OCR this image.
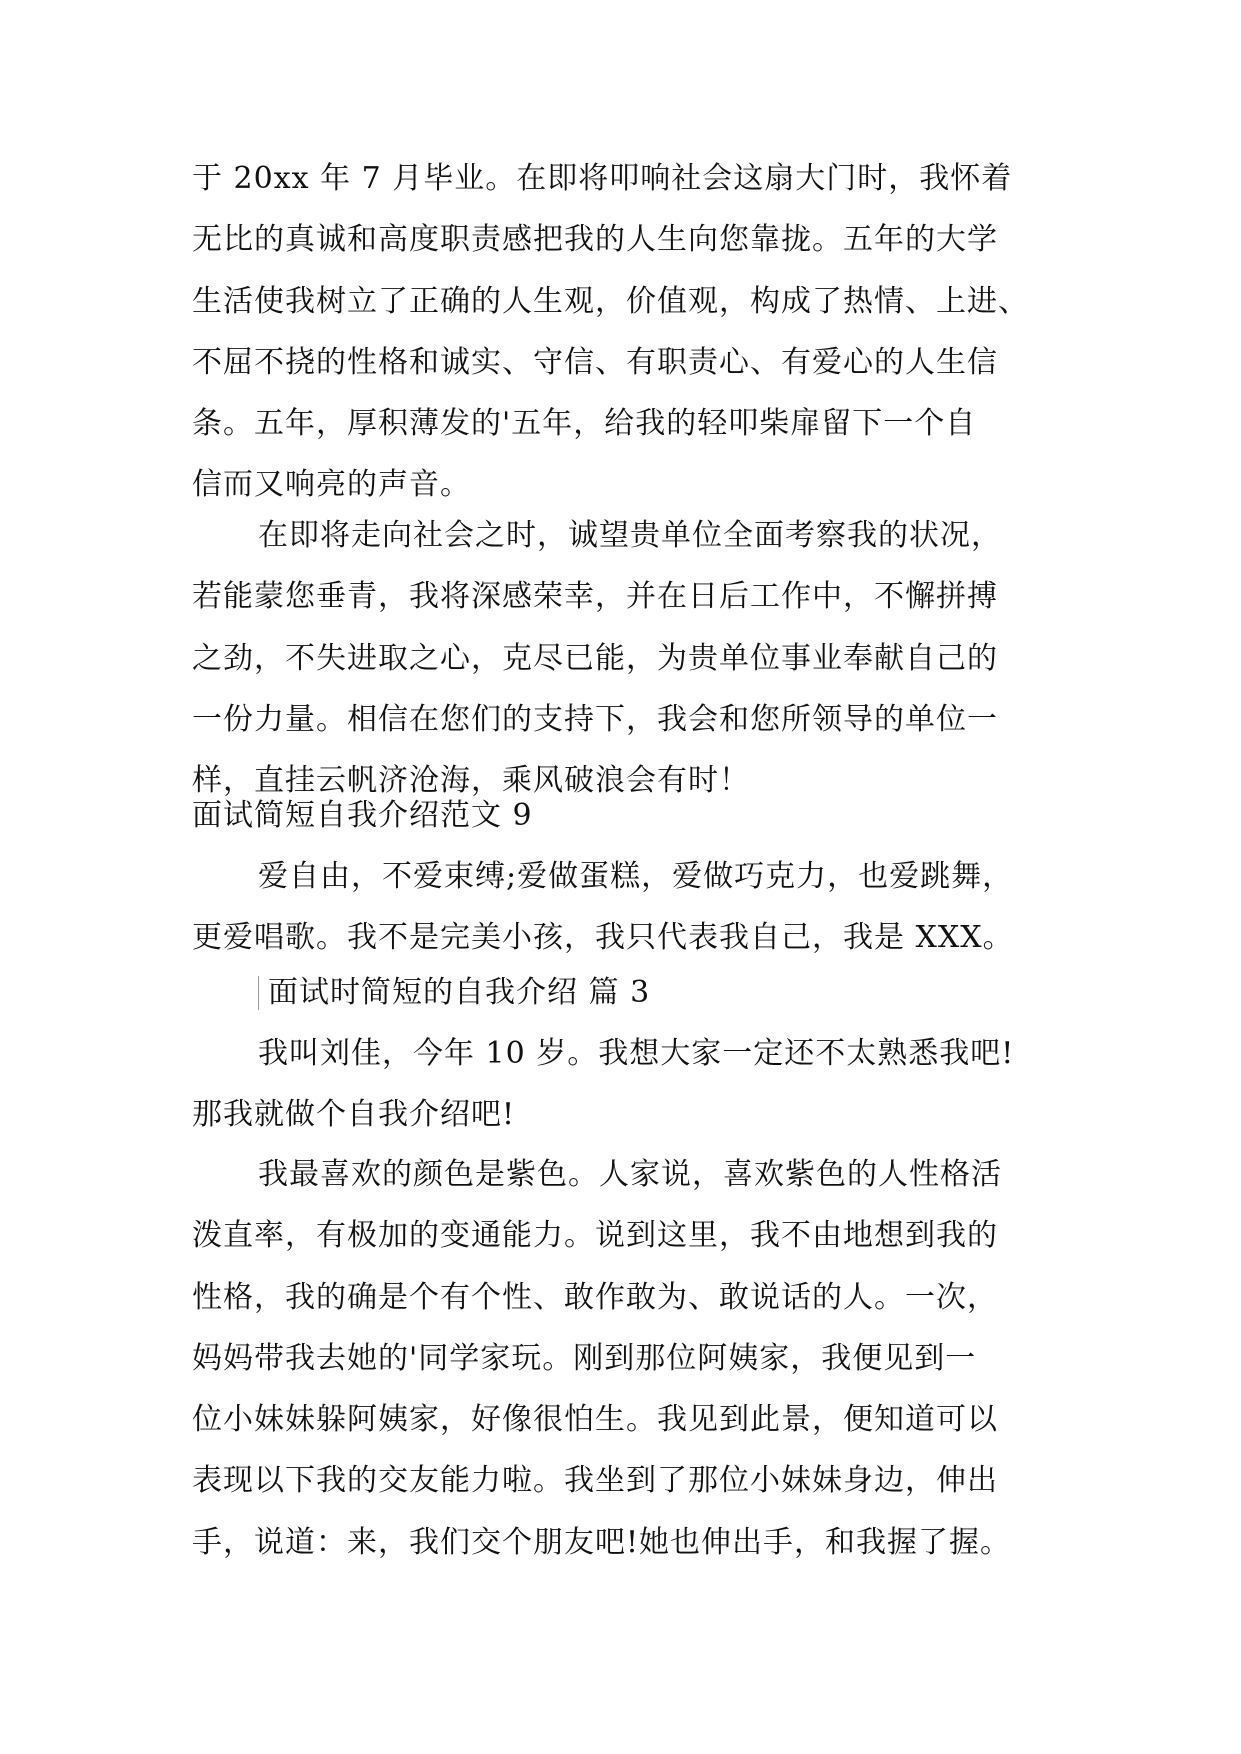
于 20xx 年 7 月毕业。在即将叩响社会这扇大门时，我怀着
无比的真诚和高度职责感把我的人生向您靠拢。五年的大学
生活使我树立了正确的人生观，价值观，构成了热情、上进、
不屈不挠的性格和诚实、守信、有职责心、有爱心的人生信
条。五年，厚积薄发的'五年，给我的轻叩柴扉留下一个自
信而又响亮的声音。
在即将走向社会之时，诚望贵单位全面考察我的状况，
若能蒙您垂青，我将深感荣幸，并在日后工作中，不懈拼搏
之劲，不失进取之心，克尽已能，为贵单位事业奉献自己的
一份力量。相信在您们的支持下，我会和您所领导的单位一
样，直挂云帆济沧海，乘风破浪会有时！
面试简短自我介绍范文 9
爱自由，不爱束缚;爱做蛋糕，爱做巧克力，也爱跳舞，
更爱唱歌。我不是完美小孩，我只代表我自己，我是 XXX。
面试时简短的自我介绍 篇 3
我叫刘佳，今年 10 岁。我想大家一定还不太熟悉我吧!
那我就做个自我介绍吧!
我最喜欢的颜色是紫色。人家说，喜欢紫色的人性格活
泼直率，有极加的变通能力。说到这里，我不由地想到我的
性格，我的确是个有个性、敢作敢为、敢说话的人。一次，
妈妈带我去她的'同学家玩。刚到那位阿姨家，我便见到一
位小妹妹躲阿姨家，好像很怕生。我见到此景，便知道可以
表现以下我的交友能力啦。我坐到了那位小妹妹身边，伸出
手，说道：来，我们交个朋友吧!她也伸出手，和我握了握。
